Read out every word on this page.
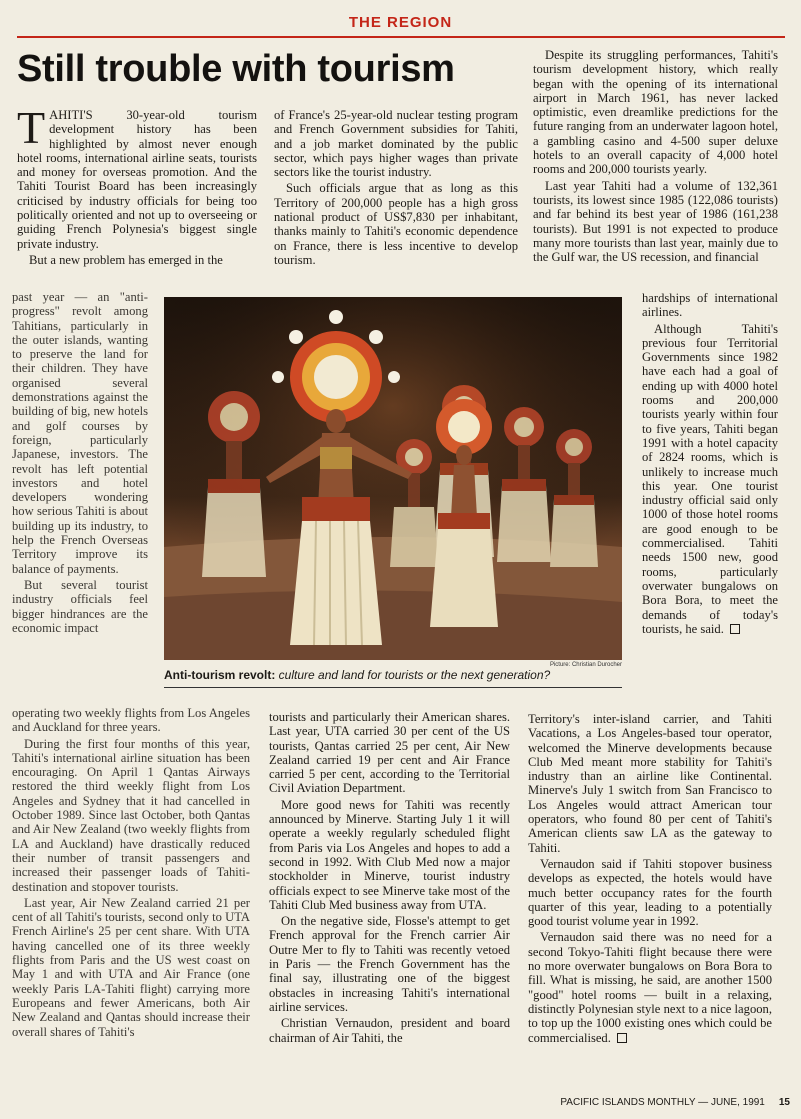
THE REGION
Still trouble with tourism

TAHITI'S 30-year-old tourism development history has been highlighted by almost never enough hotel rooms, international airline seats, tourists and money for overseas promotion. And the Tahiti Tourist Board has been increasingly criticised by industry officials for being too politically oriented and not up to overseeing or guiding French Polynesia's biggest single private industry.

But a new problem has emerged in the

of France's 25-year-old nuclear testing program and French Government subsidies for Tahiti, and a job market dominated by the public sector, which pays higher wages than private sectors like the tourist industry.

Such officials argue that as long as this Territory of 200,000 people has a high gross national product of US$7,830 per inhabitant, thanks mainly to Tahiti's economic dependence on France, there is less incentive to develop tourism.

Despite its struggling performances, Tahiti's tourism development history, which really began with the opening of its international airport in March 1961, has never lacked optimistic, even dreamlike predictions for the future ranging from an underwater lagoon hotel, a gambling casino and 4-500 super deluxe hotels to an overall capacity of 4,000 hotel rooms and 200,000 tourists yearly.

Last year Tahiti had a volume of 132,361 tourists, its lowest since 1985 (122,086 tourists) and far behind its best year of 1986 (161,238 tourists). But 1991 is not expected to produce many more tourists than last year, mainly due to the Gulf war, the US recession, and financial

past year — an "anti-progress" revolt among Tahitians, particularly in the outer islands, wanting to preserve the land for their children. They have organised several demonstrations against the building of big, new hotels and golf courses by foreign, particularly Japanese, investors. The revolt has left potential investors and hotel developers wondering how serious Tahiti is about building up its industry, to help the French Overseas Territory improve its balance of payments.

But several tourist industry officials feel bigger hindrances are the economic impact

hardships of international airlines.

Although Tahiti's previous four Territorial Governments since 1982 have each had a goal of ending up with 4000 hotel rooms and 200,000 tourists yearly within four to five years, Tahiti began 1991 with a hotel capacity of 2824 rooms, which is unlikely to increase much this year. One tourist industry official said only 1000 of those hotel rooms are good enough to be commercialised. Tahiti needs 1500 new, good rooms, particularly overwater bungalows on Bora Bora, to meet the demands of today's tourists, he said.

Picture: Christian Durocher
Anti-tourism revolt: culture and land for tourists or the next generation?

operating two weekly flights from Los Angeles and Auckland for three years.

During the first four months of this year, Tahiti's international airline situation has been encouraging. On April 1 Qantas Airways restored the third weekly flight from Los Angeles and Sydney that it had cancelled in October 1989. Since last October, both Qantas and Air New Zealand (two weekly flights from LA and Auckland) have drastically reduced their number of transit passengers and increased their passenger loads of Tahiti-destination and stopover tourists.

Last year, Air New Zealand carried 21 per cent of all Tahiti's tourists, second only to UTA French Airline's 25 per cent share. With UTA having cancelled one of its three weekly flights from Paris and the US west coast on May 1 and with UTA and Air France (one weekly Paris LA-Tahiti flight) carrying more Europeans and fewer Americans, both Air New Zealand and Qantas should increase their overall shares of Tahiti's

tourists and particularly their American shares. Last year, UTA carried 30 per cent of the US tourists, Qantas carried 25 per cent, Air New Zealand carried 19 per cent and Air France carried 5 per cent, according to the Territorial Civil Aviation Department.

More good news for Tahiti was recently announced by Minerve. Starting July 1 it will operate a weekly regularly scheduled flight from Paris via Los Angeles and hopes to add a second in 1992. With Club Med now a major stockholder in Minerve, tourist industry officials expect to see Minerve take most of the Tahiti Club Med business away from UTA.

On the negative side, Flosse's attempt to get French approval for the French carrier Air Outre Mer to fly to Tahiti was recently vetoed in Paris — the French Government has the final say, illustrating one of the biggest obstacles in increasing Tahiti's international airline services.

Christian Vernaudon, president and board chairman of Air Tahiti, the

Territory's inter-island carrier, and Tahiti Vacations, a Los Angeles-based tour operator, welcomed the Minerve developments because Club Med meant more stability for Tahiti's industry than an airline like Continental. Minerve's July 1 switch from San Francisco to Los Angeles would attract American tour operators, who found 80 per cent of Tahiti's American clients saw LA as the gateway to Tahiti.

Vernaudon said if Tahiti stopover business develops as expected, the hotels would have much better occupancy rates for the fourth quarter of this year, leading to a potentially good tourist volume year in 1992.

Vernaudon said there was no need for a second Tokyo-Tahiti flight because there were no more overwater bungalows on Bora Bora to fill. What is missing, he said, are another 1500 "good" hotel rooms — built in a relaxing, distinctly Polynesian style next to a nice lagoon, to top up the 1000 existing ones which could be commercialised.

PACIFIC ISLANDS MONTHLY — JUNE, 1991 15
